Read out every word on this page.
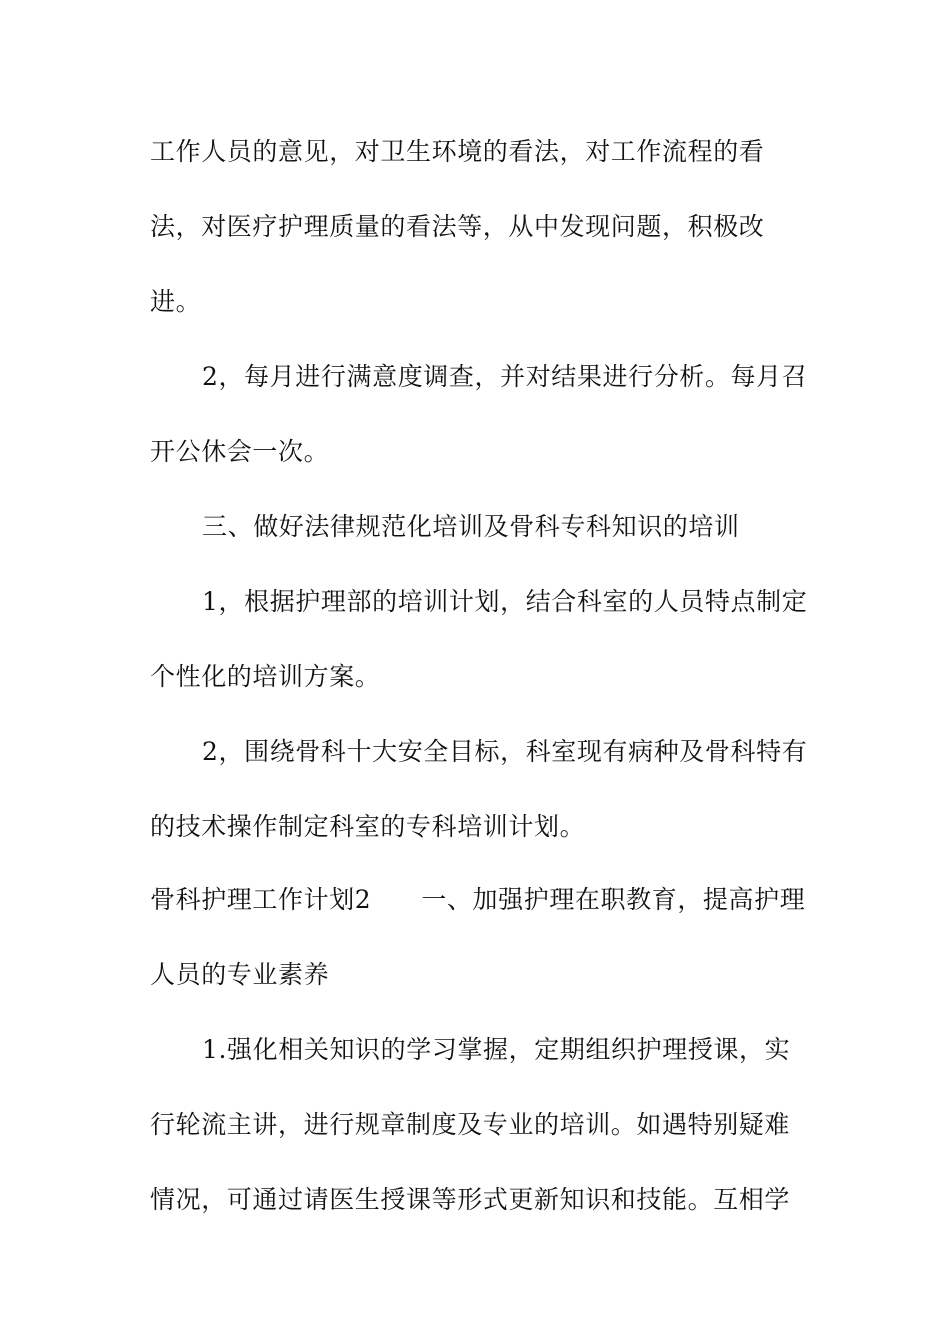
工作人员的意见，对卫生环境的看法，对工作流程的看
法，对医疗护理质量的看法等，从中发现问题，积极改
进。
2，每月进行满意度调查，并对结果进行分析。每月召
开公休会一次。
三、做好法律规范化培训及骨科专科知识的培训
1，根据护理部的培训计划，结合科室的人员特点制定
个性化的培训方案。
2，围绕骨科十大安全目标，科室现有病种及骨科特有
的技术操作制定科室的专科培训计划。
骨科护理工作计划2 一、加强护理在职教育，提高护理
人员的专业素养
1.强化相关知识的学习掌握，定期组织护理授课，实
行轮流主讲，进行规章制度及专业的培训。如遇特别疑难
情况，可通过请医生授课等形式更新知识和技能。互相学
